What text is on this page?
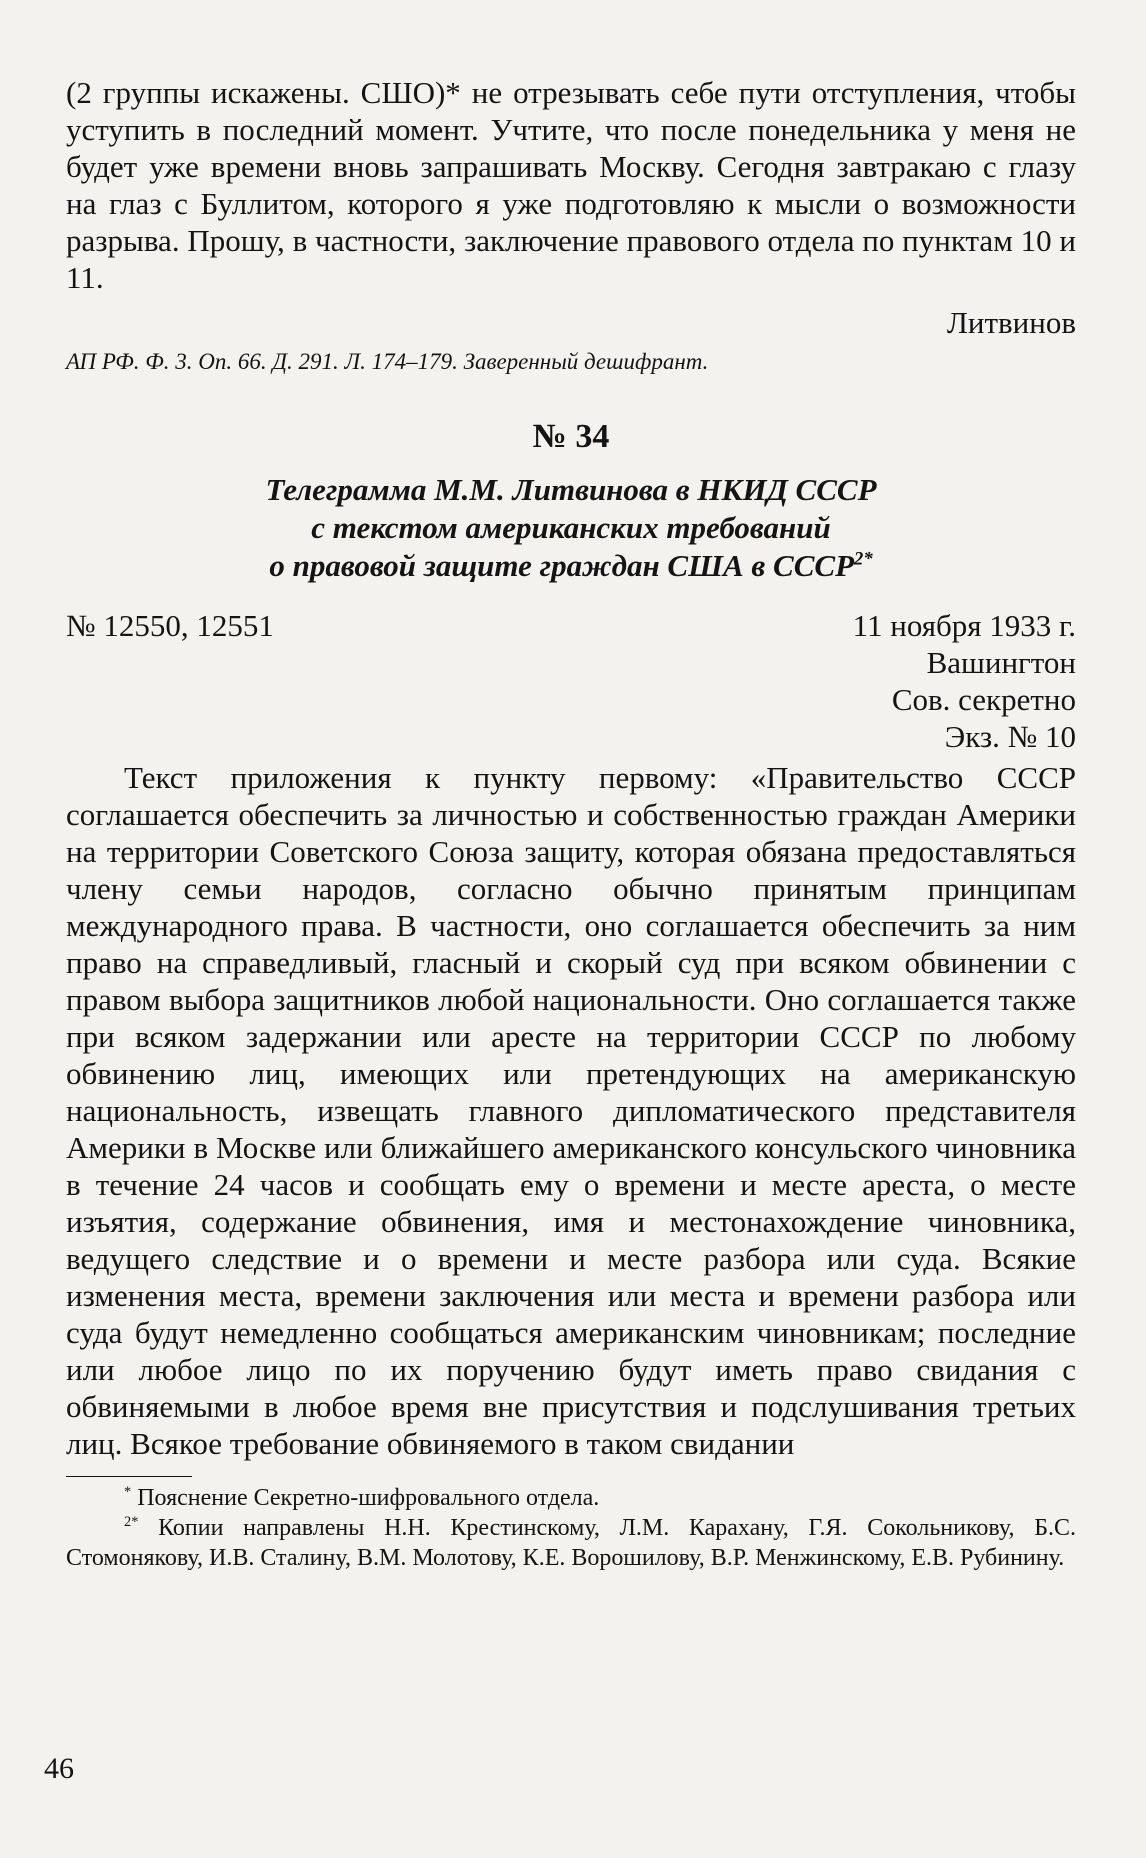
(2 группы искажены. СШО)* не отрезывать себе пути отступления, чтобы уступить в последний момент. Учтите, что после понедельника у меня не будет уже времени вновь запрашивать Москву. Сегодня завтракаю с глазу на глаз с Буллитом, которого я уже подготовляю к мысли о возможности разрыва. Прошу, в частности, заключение правового отдела по пунктам 10 и 11.

Литвинов

АП РФ. Ф. 3. Оп. 66. Д. 291. Л. 174–179. Заверенный дешифрант.

№ 34

Телеграмма М.М. Литвинова в НКИД СССР

с текстом американских требований

о правовой защите граждан США в $СССР^{2*}$

№ 12550, 12551	11 ноября 1933 г.
Вашингтон
Сов. секретно
Экз. № 10

Текст приложения к пункту первому: «Правительство СССР соглашается обеспечить за личностью и собственностью граждан Америки на территории Советского Союза защиту, которая обязана предоставляться члену семьи народов, согласно обычно принятым принципам международного права. В частности, оно соглашается обеспечить за ним право на справедливый, гласный и скорый суд при всяком обвинении с правом выбора защитников любой национальности. Оно соглашается также при всяком задержании или аресте на территории СССР по любому обвинению лиц, имеющих или претендующих на американскую национальность, извещать главного дипломатического представителя Америки в Москве или ближайшего американского консульского чиновника в течение 24 часов и сообщать ему о времени и месте ареста, о месте изъятия, содержание обвинения, имя и местонахождение чиновника, ведущего следствие и о времени и месте разбора или суда. Всякие изменения места, времени заключения или места и времени разбора или суда будут немедленно сообщаться американским чиновникам; последние или любое лицо по их поручению будут иметь право свидания с обвиняемыми в любое время вне присутствия и подслушивания третьих лиц. Всякое требование обвиняемого в таком свидании

* Пояснение Секретно-шифровального отдела.

$^{2*}$ Копии направлены Н.Н. Крестинскому, Л.М. Карахану, Г.Я. Сокольникову, Б.С. Стомонякову, И.В. Сталину, В.М. Молотову, К.Е. Ворошилову, В.Р. Менжинскому, Е.В. Рубинину.

46
